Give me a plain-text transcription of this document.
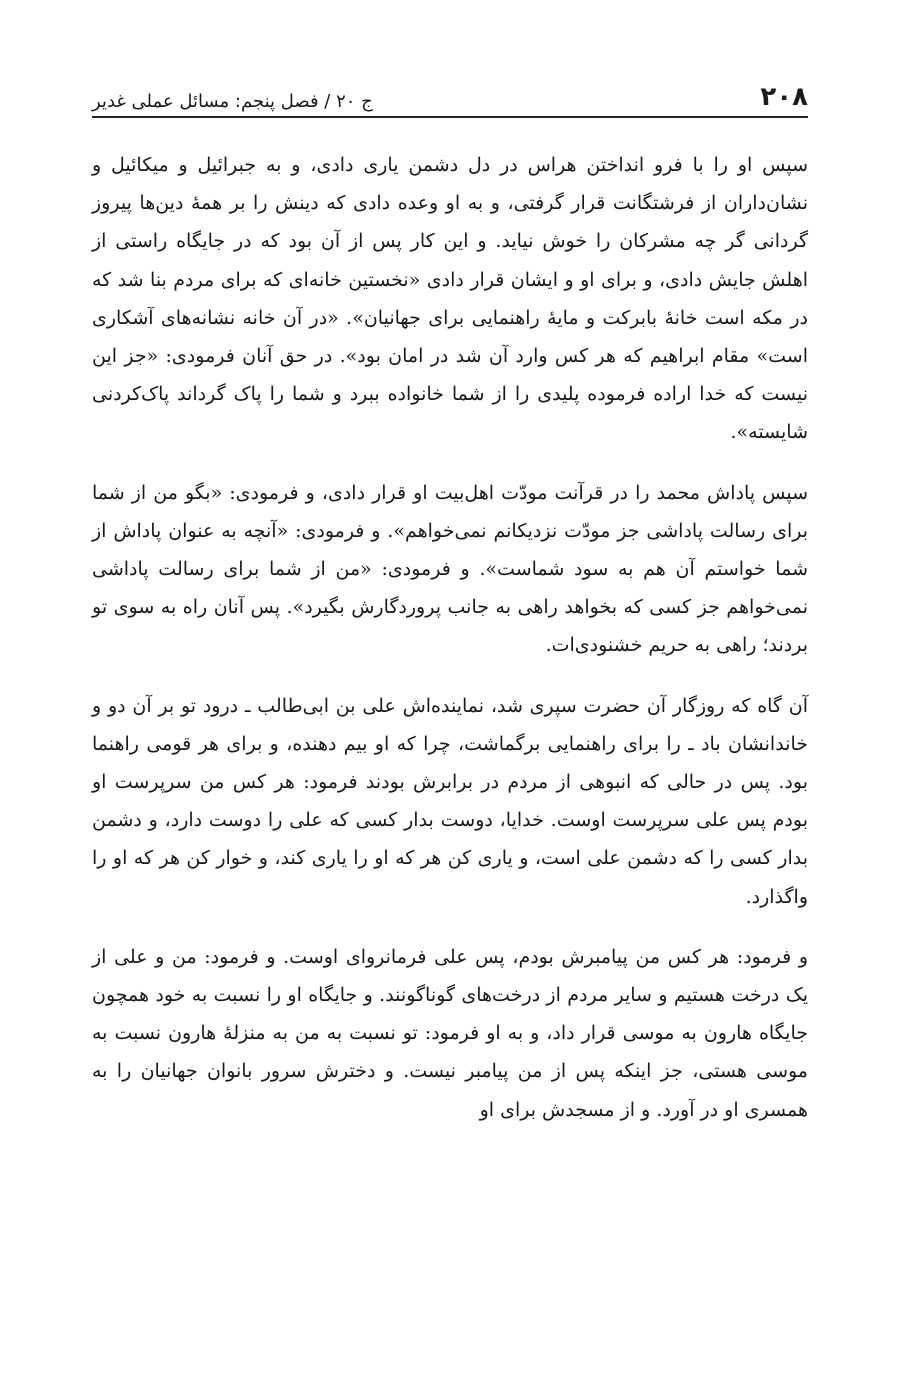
۲۰۸
ج ۲۰ / فصل پنجم: مسائل عملی غدیر

سپس او را با فرو انداختن هراس در دل دشمن یاری دادی، و به جبرائیل و میکائیل و نشان‌داران از فرشتگانت قرار گرفتی، و به او وعده دادی که دینش را بر همهٔ دین‌ها پیروز گردانی گر چه مشرکان را خوش نیاید. و این کار پس از آن بود که در جایگاه راستی از اهلش جایش دادی، و برای او و ایشان قرار دادی «نخستین خانه‌ای که برای مردم بنا شد که در مکه است خانهٔ بابرکت و مایهٔ راهنمایی برای جهانیان». «در آن خانه نشانه‌های آشکاری است» مقام ابراهیم که هر کس وارد آن شد در امان بود». در حق آنان فرمودی: «جز این نیست که خدا اراده فرموده پلیدی را از شما خانواده ببرد و شما را پاک گرداند پاک‌کردنی شایسته».

سپس پاداش محمد را در قرآنت مودّت اهل‌بیت او قرار دادی، و فرمودی: «بگو من از شما برای رسالت پاداشی جز مودّت نزدیکانم نمی‌خواهم». و فرمودی: «آنچه به عنوان پاداش از شما خواستم آن هم به سود شماست». و فرمودی: «من از شما برای رسالت پاداشی نمی‌خواهم جز کسی که بخواهد راهی به جانب پروردگارش بگیرد». پس آنان راه به سوی تو بردند؛ راهی به حریم خشنودی‌ات.

آن گاه که روزگار آن حضرت سپری شد، نماینده‌اش علی بن ابی‌طالب ـ درود تو بر آن دو و خاندانشان باد ـ را برای راهنمایی برگماشت، چرا که او بیم دهنده، و برای هر قومی راهنما بود. پس در حالی که انبوهی از مردم در برابرش بودند فرمود: هر کس من سرپرست او بودم پس علی سرپرست اوست. خدایا، دوست بدار کسی که علی را دوست دارد، و دشمن بدار کسی را که دشمن علی است، و یاری کن هر که او را یاری کند، و خوار کن هر که او را واگذارد.

و فرمود: هر کس من پیامبرش بودم، پس علی فرمانروای اوست. و فرمود: من و علی از یک درخت هستیم و سایر مردم از درخت‌های گوناگونند. و جایگاه او را نسبت به خود همچون جایگاه هارون به موسی قرار داد، و به او فرمود: تو نسبت به من به منزلهٔ هارون نسبت به موسی هستی، جز اینکه پس از من پیامبر نیست. و دخترش سرور بانوان جهانیان را به همسری او در آورد. و از مسجدش برای او
